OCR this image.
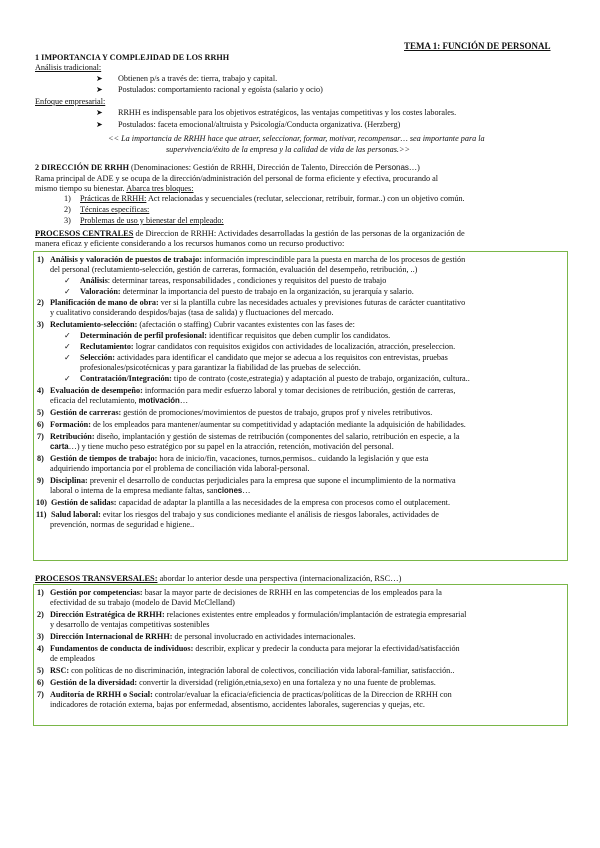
TEMA 1: FUNCIÓN DE PERSONAL
1 IMPORTANCIA Y COMPLEJIDAD DE LOS RRHH
Análisis tradicional:
➤ Obtienen p/s a través de: tierra, trabajo y capital.
➤ Postulados: comportamiento racional y egoísta (salario y ocio)
Enfoque empresarial:
➤ RRHH es indispensable para los objetivos estratégicos, las ventajas competitivas y los costes laborales.
➤ Postulados: faceta emocional/altruista y Psicología/Conducta organizativa. (Herzberg)
<< La importancia de RRHH hace que atraer, seleccionar, formar, motivar, recompensar… sea importante para la
supervivencia/éxito de la empresa y la calidad de vida de las personas.>>
2 DIRECCIÓN DE RRHH (Denominaciones: Gestión de RRHH, Dirección de Talento, Dirección de Personas…)
Rama principal de ADE y se ocupa de la dirección/administración del personal de forma eficiente y efectiva, procurando al
mismo tiempo su bienestar. Abarca tres bloques:
1) Prácticas de RRHH: Act relacionadas y secuenciales (reclutar, seleccionar, retribuir, formar..) con un objetivo común.
2) Técnicas específicas:
3) Problemas de uso y bienestar del empleado:
PROCESOS CENTRALES de Direccion de RRHH: Actividades desarrolladas la gestión de las personas de la organización de
manera eficaz y eficiente considerando a los recursos humanos como un recurso productivo:
1) Análisis y valoración de puestos de trabajo: información imprescindible para la puesta en marcha de los procesos de gestión
del personal (reclutamiento-selección, gestión de carreras, formación, evaluación del desempeño, retribución, ..)
✓ Análisis: determinar tareas, responsabilidades , condiciones y requisitos del puesto de trabajo
✓ Valoración: determinar la importancia del puesto de trabajo en la organización, su jerarquía y salario.
2) Planificación de mano de obra: ver si la plantilla cubre las necesidades actuales y previsiones futuras de carácter cuantitativo
y cualitativo considerando despidos/bajas (tasa de salida) y fluctuaciones del mercado.
3) Reclutamiento-selección: (afectación o staffing) Cubrir vacantes existentes con las fases de:
✓ Determinación de perfil profesional: identificar requisitos que deben cumplir los candidatos.
✓ Reclutamiento: lograr candidatos con requisitos exigidos con actividades de localización, atracción, preseleccion.
✓ Selección: actividades para identificar el candidato que mejor se adecua a los requisitos con entrevistas, pruebas
profesionales/psicotécnicas y para garantizar la fiabilidad de las pruebas de selección.
✓ Contratación/Integración: tipo de contrato (coste,estrategia) y adaptación al puesto de trabajo, organización, cultura..
4) Evaluación de desempeño: información para medir esfuerzo laboral y tomar decisiones de retribución, gestión de carreras,
eficacia del reclutamiento, motivación…
5) Gestión de carreras: gestión de promociones/movimientos de puestos de trabajo, grupos prof y niveles retributivos.
6) Formación: de los empleados para mantener/aumentar su competitividad y adaptación mediante la adquisición de habilidades.
7) Retribución: diseño, implantación y gestión de sistemas de retribución (componentes del salario, retribución en especie, a la
carta…) y tiene mucho peso estratégico por su papel en la atracción, retención, motivación del personal.
8) Gestión de tiempos de trabajo: hora de inicio/fin, vacaciones, turnos,permisos.. cuidando la legislación y que esta
adquiriendo importancia por el problema de conciliación vida laboral-personal.
9) Disciplina: prevenir el desarrollo de conductas perjudiciales para la empresa que supone el incumplimiento de la normativa
laboral o interna de la empresa mediante faltas, sanciones…
10) Gestión de salidas: capacidad de adaptar la plantilla a las necesidades de la empresa con procesos como el outplacement.
11) Salud laboral: evitar los riesgos del trabajo y sus condiciones mediante el análisis de riesgos laborales, actividades de
prevención, normas de seguridad e higiene..
PROCESOS TRANSVERSALES: abordar lo anterior desde una perspectiva (internacionalización, RSC…)
1) Gestión por competencias: basar la mayor parte de decisiones de RRHH en las competencias de los empleados para la
efectividad de su trabajo (modelo de David McClelland)
2) Dirección Estratégica de RRHH: relaciones existentes entre empleados y formulación/implantación de estrategia empresarial
y desarrollo de ventajas competitivas sostenibles
3) Dirección Internacional de RRHH: de personal involucrado en actividades internacionales.
4) Fundamentos de conducta de individuos: describir, explicar y predecir la conducta para mejorar la efectividad/satisfacción
de empleados
5) RSC: con políticas de no discriminación, integración laboral de colectivos, conciliación vida laboral-familiar, satisfacción..
6) Gestión de la diversidad: convertir la diversidad (religión,etnia,sexo) en una fortaleza y no una fuente de problemas.
7) Auditoría de RRHH o Social: controlar/evaluar la eficacia/eficiencia de practicas/políticas de la Direccion de RRHH con
indicadores de rotación externa, bajas por enfermedad, absentismo, accidentes laborales, sugerencias y quejas, etc.
